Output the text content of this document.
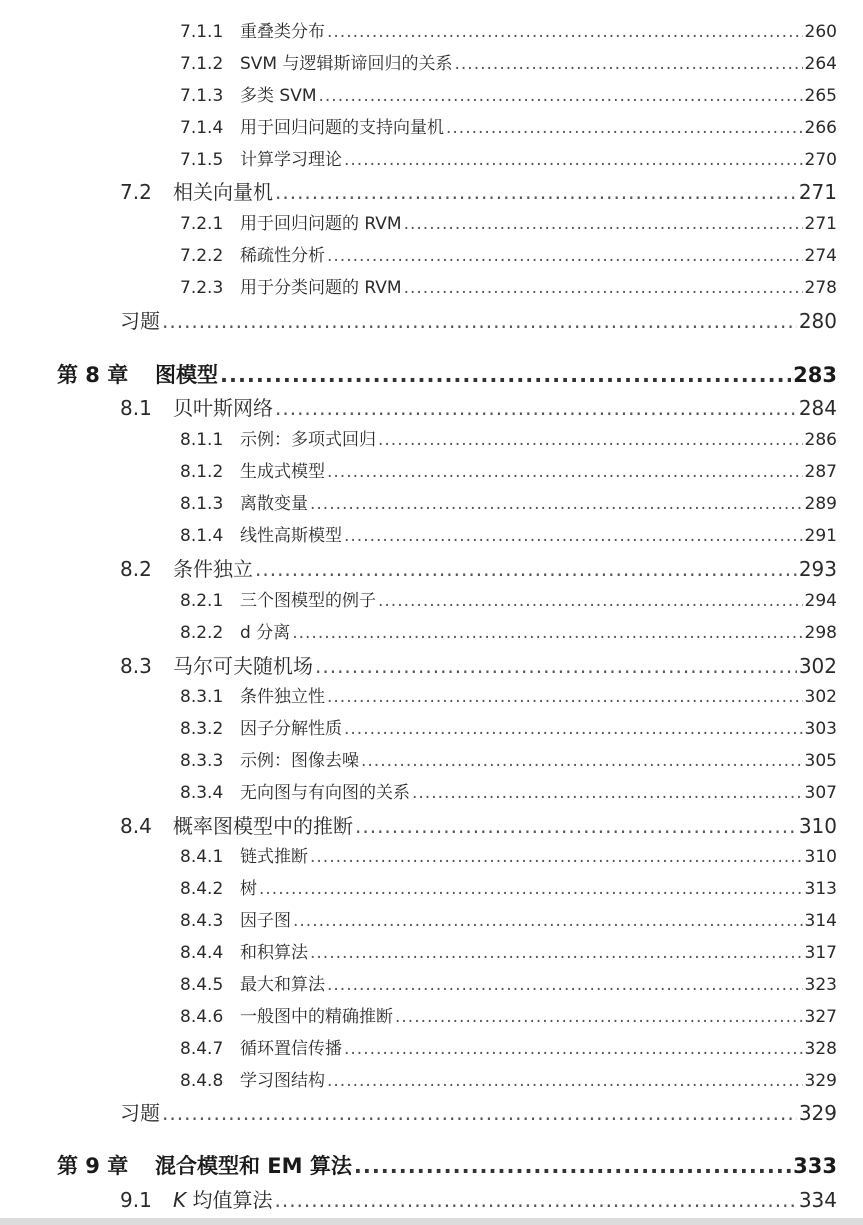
7.1.1 重叠类分布 .....	260
7.1.2 SVM 与逻辑斯谛回归的关系 .....	264
7.1.3 多类 SVM .....	265
7.1.4 用于回归问题的支持向量机 .....	266
7.1.5 计算学习理论 .....	270
7.2	相关向量机 .....	271
7.2.1 用于回归问题的 RVM .....	271
7.2.2 稀疏性分析 .....	274
7.2.3 用于分类问题的 RVM .....	278
习题 .....	280
第 8 章	图模型 .....	283
8.1	贝叶斯网络 .....	284
8.1.1 示例：多项式回归 .....	286
8.1.2 生成式模型 .....	287
8.1.3 离散变量 .....	289
8.1.4 线性高斯模型 .....	291
8.2	条件独立 .....	293
8.2.1 三个图模型的例子 .....	294
8.2.2 d 分离 .....	298
8.3	马尔可夫随机场 .....	302
8.3.1 条件独立性 .....	302
8.3.2 因子分解性质 .....	303
8.3.3 示例：图像去噪 .....	305
8.3.4 无向图与有向图的关系 .....	307
8.4	概率图模型中的推断 .....	310
8.4.1 链式推断 .....	310
8.4.2 树 .....	313
8.4.3 因子图 .....	314
8.4.4 和积算法 .....	317
8.4.5 最大和算法 .....	323
8.4.6 一般图中的精确推断 .....	327
8.4.7 循环置信传播 .....	328
8.4.8 学习图结构 .....	329
习题 .....	329
第 9 章	混合模型和 EM 算法 .....	333
9.1	K 均值算法 .....	334
